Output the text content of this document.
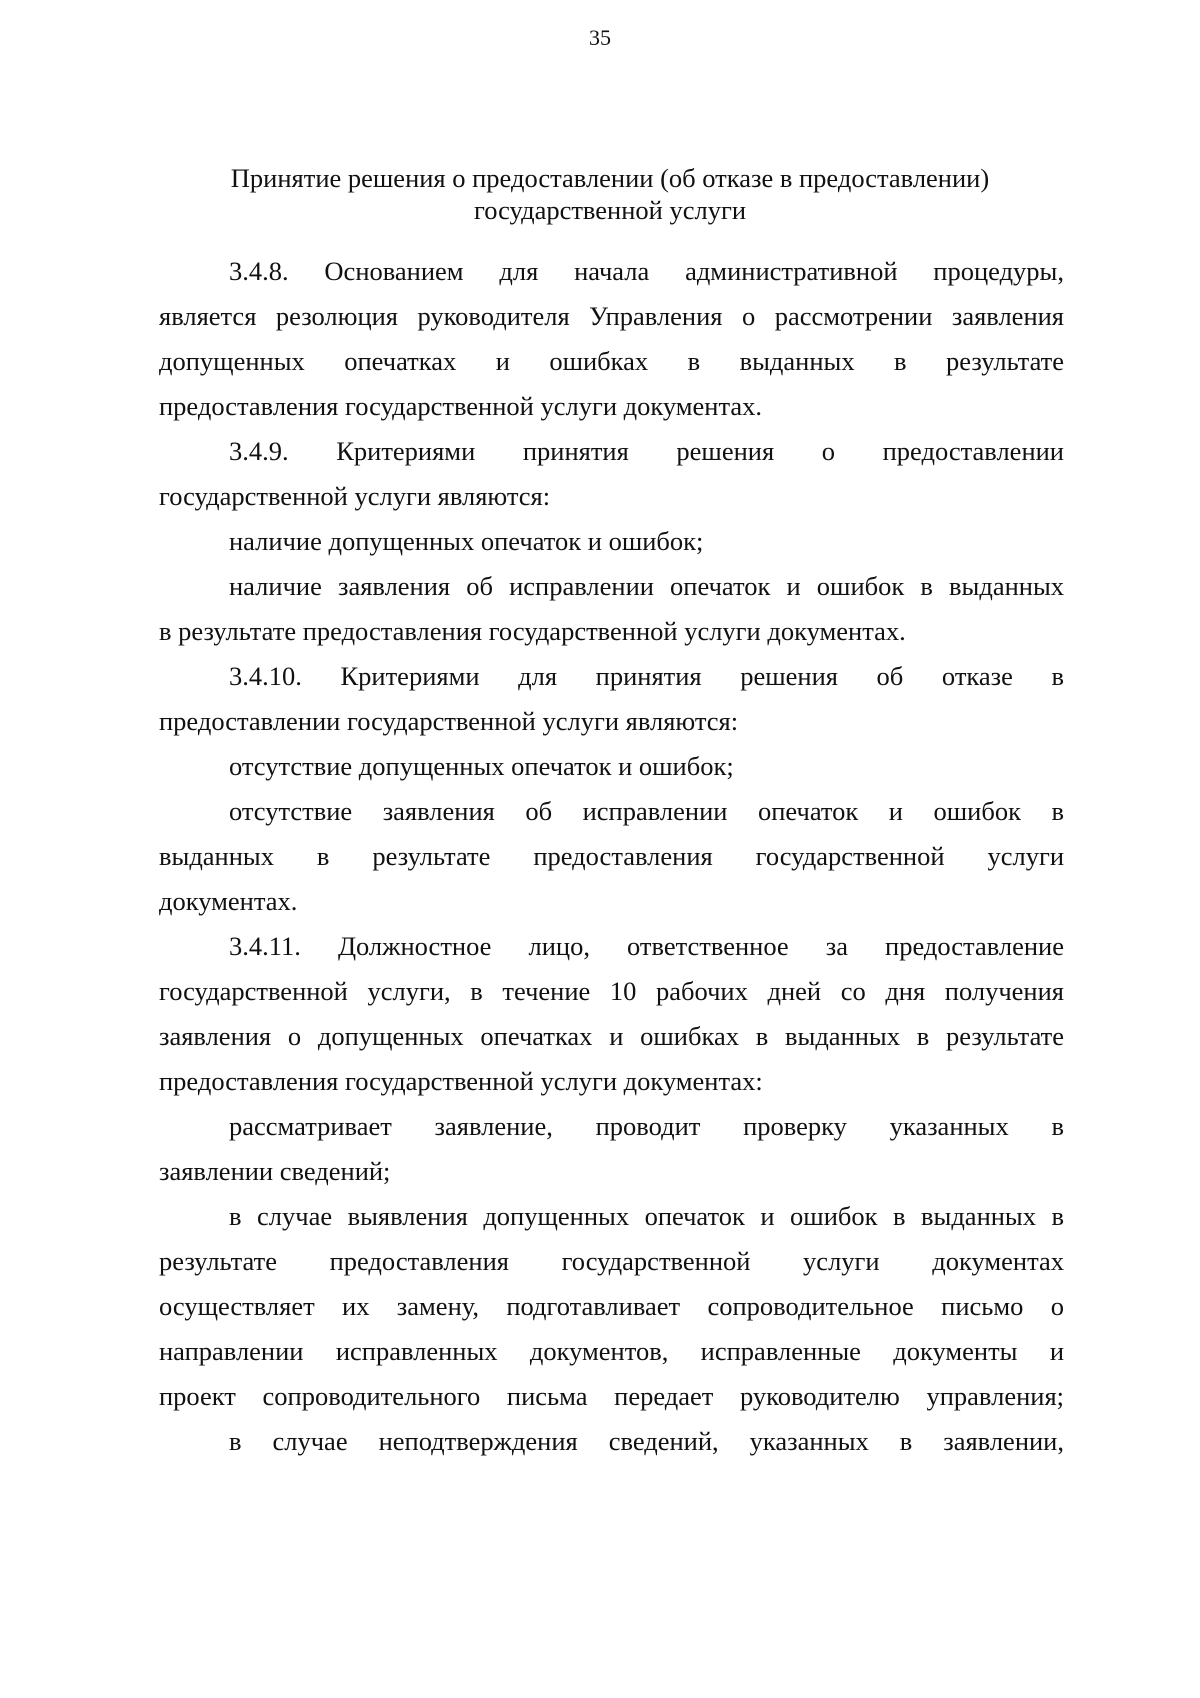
35
Принятие решения о предоставлении (об отказе в предоставлении)
государственной услуги
3.4.8. Основанием для начала административной процедуры,
является резолюция руководителя Управления о рассмотрении заявления
допущенных опечатках и ошибках в выданных в результате
предоставления государственной услуги документах.
3.4.9. Критериями принятия решения о предоставлении
государственной услуги являются:
наличие допущенных опечаток и ошибок;
наличие заявления об исправлении опечаток и ошибок в выданных
в результате предоставления государственной услуги документах.
3.4.10. Критериями для принятия решения об отказе в
предоставлении государственной услуги являются:
отсутствие допущенных опечаток и ошибок;
отсутствие заявления об исправлении опечаток и ошибок в
выданных в результате предоставления государственной услуги
документах.
3.4.11. Должностное лицо, ответственное за предоставление
государственной услуги, в течение 10 рабочих дней со дня получения
заявления о допущенных опечатках и ошибках в выданных в результате
предоставления государственной услуги документах:
рассматривает заявление, проводит проверку указанных в
заявлении сведений;
в случае выявления допущенных опечаток и ошибок в выданных в
результате предоставления государственной услуги документах
осуществляет их замену, подготавливает сопроводительное письмо о
направлении исправленных документов, исправленные документы и
проект сопроводительного письма передает руководителю управления;
в случае неподтверждения сведений, указанных в заявлении,
